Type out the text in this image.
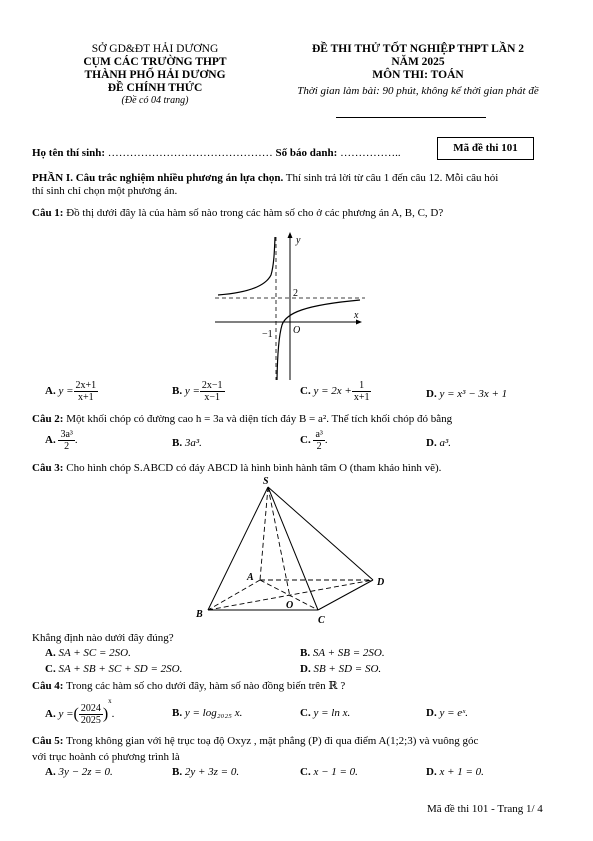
SỞ GD&ĐT HẢI DƯƠNG
CỤM CÁC TRƯỜNG THPT
THÀNH PHỐ HẢI DƯƠNG
ĐỀ CHÍNH THỨC
(Đề có 04 trang)
ĐỀ THI THỬ TỐT NGHIỆP THPT LẦN 2
NĂM 2025
MÔN THI: TOÁN
Thời gian làm bài: 90 phút, không kể thời gian phát đề
Họ tên thí sinh: ……………………………………… Số báo danh: ……………..	Mã đề thi 101
PHẦN I. Câu trắc nghiệm nhiều phương án lựa chọn. Thí sinh trả lời từ câu 1 đến câu 12. Mỗi câu hỏi
thí sinh chỉ chọn một phương án.
Câu 1: Đồ thị dưới đây là của hàm số nào trong các hàm số cho ở các phương án A, B, C, D?
y
x
2
O
−1
A. $y = \frac{2x+1}{x+1}$	B. $y = \frac{2x-1}{x-1}$	C. $y = 2x + \frac{1}{x+1}$	D. y = x³ − 3x + 1
Câu 2: Một khối chóp có đường cao h = 3a và diện tích đáy B = a². Thể tích khối chóp đó bằng
A. $\frac{\text{3a³}}{2}$ .	B. 3a³.	C. $\frac{\text{a³}}{2}$ .	D. a³.
Câu 3: Cho hình chóp S.ABCD có đáy ABCD là hình bình hành tâm O (tham khảo hình vẽ).
S
A
B
C
D
O
Khẳng định nào dưới đây đúng?
A. SA + SC = 2SO.	B. SA + SB = 2SO.
C. SA + SB + SC + SD = 2SO.	D. SB + SD = SO.
Câu 4: Trong các hàm số cho dưới đây, hàm số nào đồng biến trên ℝ ?
A. y =( $\frac{2024}{2025} )^x$.	B. y = log₂₀₂₅ x.	C. y = ln x.	D. y = eˣ.
Câu 5: Trong không gian với hệ trục toạ độ Oxyz , mặt phẳng (P) đi qua điểm A(1;2;3) và vuông góc
với trục hoành có phương trình là
A. 3y − 2z = 0.	B. 2y + 3z = 0.	C. x − 1 = 0.	D. x + 1 = 0.
Mã đề thi 101 - Trang 1/ 4
